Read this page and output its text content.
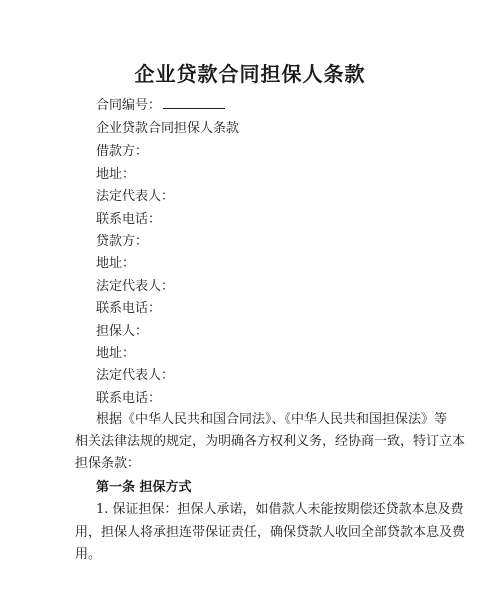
企业贷款合同担保人条款
合同编号：
企业贷款合同担保人条款
借款方：
地址：
法定代表人：
联系电话：
贷款方：
地址：
法定代表人：
联系电话：
担保人：
地址：
法定代表人：
联系电话：
根据《中华人民共和国合同法》、《中华人民共和国担保法》等
相关法律法规的规定，为明确各方权利义务，经协商一致，特订立本
担保条款：
第一条 担保方式
1. 保证担保：担保人承诺，如借款人未能按期偿还贷款本息及费
用，担保人将承担连带保证责任，确保贷款人收回全部贷款本息及费
用。
